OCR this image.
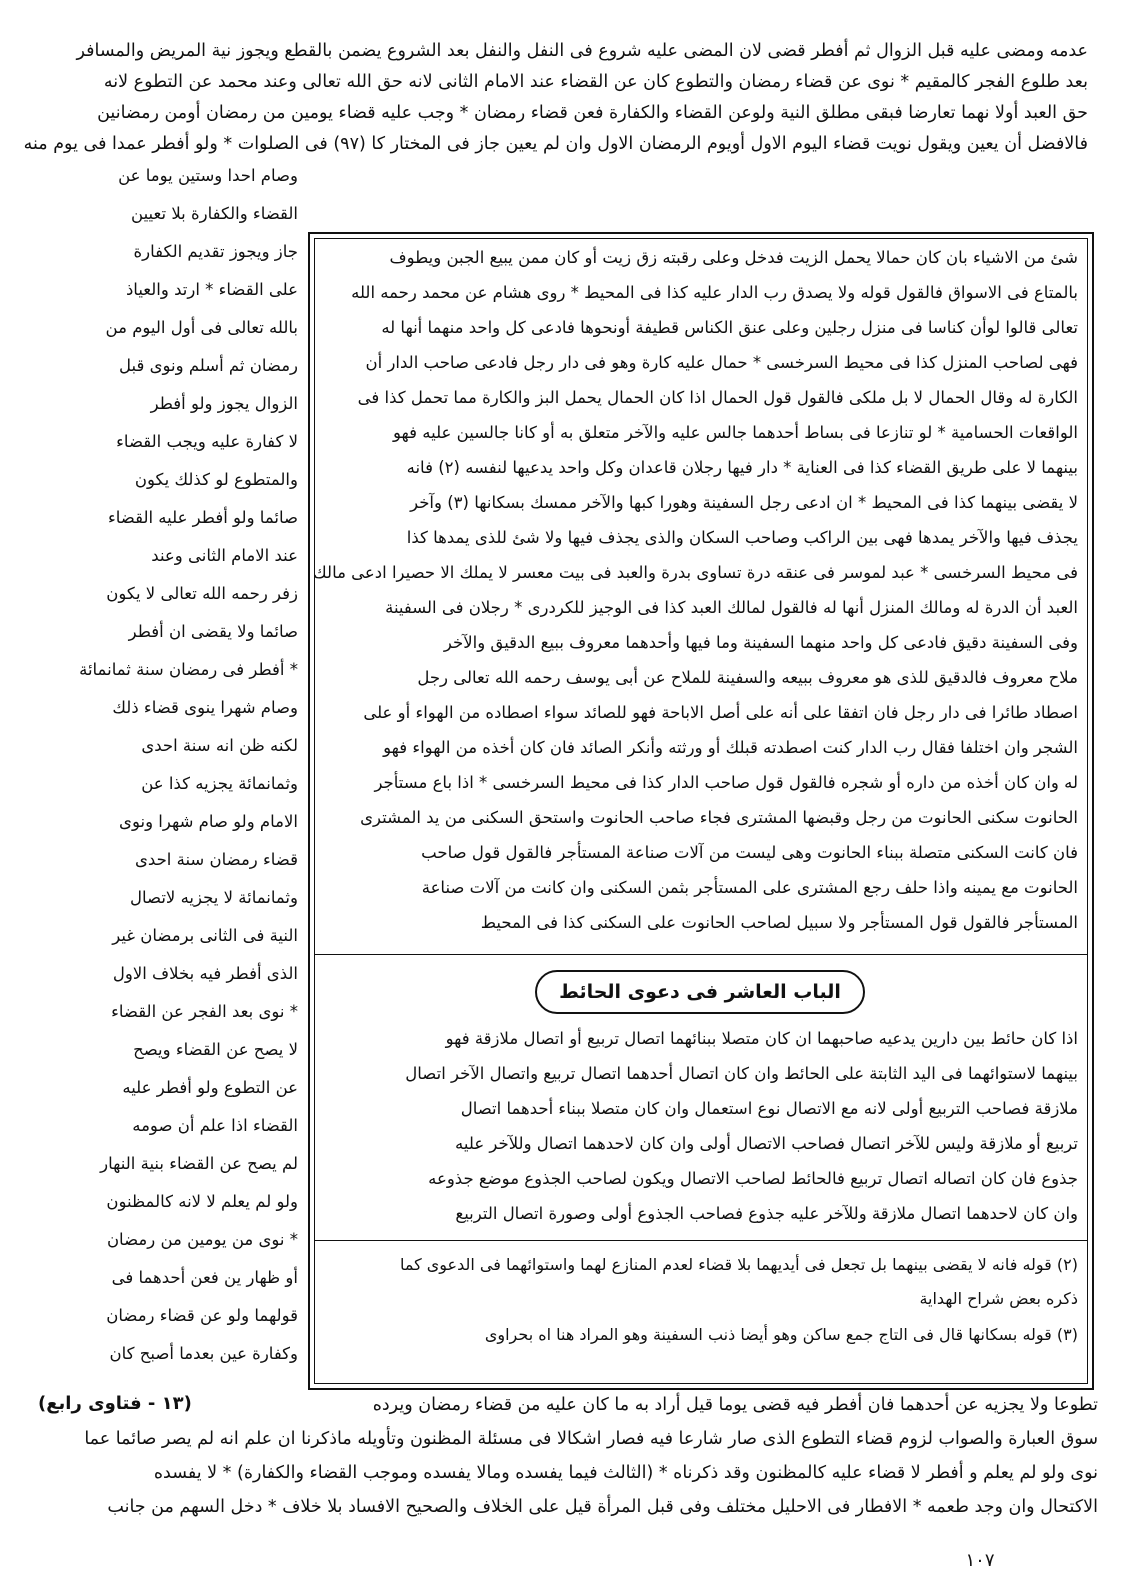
عدمه ومضى عليه قبل الزوال ثم أفطر قضى لان المضى عليه شروع فى النفل والنفل بعد الشروع يضمن بالقطع ويجوز نية المريض والمسافر
بعد طلوع الفجر كالمقيم * نوى عن قضاء رمضان والتطوع كان عن القضاء عند الامام الثانى لانه حق الله تعالى وعند محمد عن التطوع لانه
حق العبد أولا نهما تعارضا فبقى مطلق النية ولوعن القضاء والكفارة فعن قضاء رمضان * وجب عليه قضاء يومين من رمضان أومن رمضانين
فالافضل أن يعين ويقول نويت قضاء اليوم الاول أويوم الرمضان الاول وان لم يعين جاز فى المختار كا (٩٧) فى الصلوات * ولو أفطر عمدا فى يوم منه
وصام احدا وستين يوما عن
القضاء والكفارة بلا تعيين
جاز ويجوز تقديم الكفارة
على القضاء * ارتد والعياذ
بالله تعالى فى أول اليوم من
رمضان ثم أسلم ونوى قبل
الزوال يجوز ولو أفطر
لا كفارة عليه ويجب القضاء
والمتطوع لو كذلك يكون
صائما ولو أفطر عليه القضاء
عند الامام الثانى وعند
زفر رحمه الله تعالى لا يكون
صائما ولا يقضى ان أفطر
* أفطر فى رمضان سنة ثمانمائة
وصام شهرا ينوى قضاء ذلك
لكنه ظن انه سنة احدى
وثمانمائة يجزيه كذا عن
الامام ولو صام شهرا ونوى
قضاء رمضان سنة احدى
وثمانمائة لا يجزيه لاتصال
النية فى الثانى برمضان غير
الذى أفطر فيه بخلاف الاول
* نوى بعد الفجر عن القضاء
لا يصح عن القضاء ويصح
عن التطوع ولو أفطر عليه
القضاء اذا علم أن صومه
لم يصح عن القضاء بنية النهار
ولو لم يعلم لا لانه كالمظنون
* نوى من يومين من رمضان
أو ظهار ين فعن أحدهما فى
قولهما ولو عن قضاء رمضان
وكفارة عين بعدما أصبح كان
شئ من الاشياء بان كان حمالا يحمل الزيت فدخل وعلى رقبته زق زيت أو كان ممن يبيع الجبن ويطوف
بالمتاع فى الاسواق فالقول قوله ولا يصدق رب الدار عليه كذا فى المحيط * روى هشام عن محمد رحمه الله
تعالى قالوا لوأن كناسا فى منزل رجلين وعلى عنق الكناس قطيفة أونحوها فادعى كل واحد منهما أنها له
فهى لصاحب المنزل كذا فى محيط السرخسى * حمال عليه كارة وهو فى دار رجل فادعى صاحب الدار أن
الكارة له وقال الحمال لا بل ملكى فالقول قول الحمال اذا كان الحمال يحمل البز والكارة مما تحمل كذا فى
الواقعات الحسامية * لو تنازعا فى بساط أحدهما جالس عليه والآخر متعلق به أو كانا جالسين عليه فهو
بينهما لا على طريق القضاء كذا فى العناية * دار فيها رجلان قاعدان وكل واحد يدعيها لنفسه (٢) فانه
لا يقضى بينهما كذا فى المحيط * ان ادعى رجل السفينة وهورا كبها والآخر ممسك بسكانها (٣) وآخر
يجذف فيها والآخر يمدها فهى بين الراكب وصاحب السكان والذى يجذف فيها ولا شئ للذى يمدها كذا
فى محيط السرخسى * عبد لموسر فى عنقه درة تساوى بدرة والعبد فى بيت معسر لا يملك الا حصيرا ادعى مالك
العبد أن الدرة له ومالك المنزل أنها له فالقول لمالك العبد كذا فى الوجيز للكردرى * رجلان فى السفينة
وفى السفينة دقيق فادعى كل واحد منهما السفينة وما فيها وأحدهما معروف ببيع الدقيق والآخر
ملاح معروف فالدقيق للذى هو معروف ببيعه والسفينة للملاح عن أبى يوسف رحمه الله تعالى رجل
اصطاد طائرا فى دار رجل فان اتفقا على أنه على أصل الاباحة فهو للصائد سواء اصطاده من الهواء أو على
الشجر وان اختلفا فقال رب الدار كنت اصطدته قبلك أو ورثته وأنكر الصائد فان كان أخذه من الهواء فهو
له وان كان أخذه من داره أو شجره فالقول قول صاحب الدار كذا فى محيط السرخسى * اذا باع مستأجر
الحانوت سكنى الحانوت من رجل وقبضها المشترى فجاء صاحب الحانوت واستحق السكنى من يد المشترى
فان كانت السكنى متصلة ببناء الحانوت وهى ليست من آلات صناعة المستأجر فالقول قول صاحب
الحانوت مع يمينه واذا حلف رجع المشترى على المستأجر بثمن السكنى وان كانت من آلات صناعة
المستأجر فالقول قول المستأجر ولا سبيل لصاحب الحانوت على السكنى كذا فى المحيط
الباب العاشر فى دعوى الحائط
اذا كان حائط بين دارين يدعيه صاحبهما ان كان متصلا ببنائهما اتصال تربيع أو اتصال ملازقة فهو
بينهما لاستوائهما فى اليد الثابتة على الحائط وان كان اتصال أحدهما اتصال تربيع واتصال الآخر اتصال
ملازقة فصاحب التربيع أولى لانه مع الاتصال نوع استعمال وان كان متصلا ببناء أحدهما اتصال
تربيع أو ملازقة وليس للآخر اتصال فصاحب الاتصال أولى وان كان لاحدهما اتصال وللآخر عليه
جذوع فان كان اتصاله اتصال تربيع فالحائط لصاحب الاتصال ويكون لصاحب الجذوع موضع جذوعه
وان كان لاحدهما اتصال ملازقة وللآخر عليه جذوع فصاحب الجذوع أولى وصورة اتصال التربيع
(٢) قوله فانه لا يقضى بينهما بل تجعل فى أيديهما بلا قضاء لعدم المنازع لهما واستوائهما فى الدعوى كما
ذكره بعض شراح الهداية
(٣) قوله بسكانها قال فى التاج جمع ساكن وهو أيضا ذنب السفينة وهو المراد هنا اه بحراوى
(١٣ - فتاوى رابع)	تطوعا ولا يجزيه عن أحدهما فان أفطر فيه قضى يوما قيل أراد به ما كان عليه من قضاء رمضان ويرده
سوق العبارة والصواب لزوم قضاء التطوع الذى صار شارعا فيه فصار اشكالا فى مسئلة المظنون وتأويله ماذكرنا ان علم انه لم يصر صائما عما
نوى ولو لم يعلم و أفطر لا قضاء عليه كالمظنون وقد ذكرناه * (الثالث فيما يفسده ومالا يفسده وموجب القضاء والكفارة) * لا يفسده
الاكتحال وان وجد طعمه * الافطار فى الاحليل مختلف وفى قبل المرأة قيل على الخلاف والصحيح الافساد بلا خلاف * دخل السهم من جانب
١٠٧
